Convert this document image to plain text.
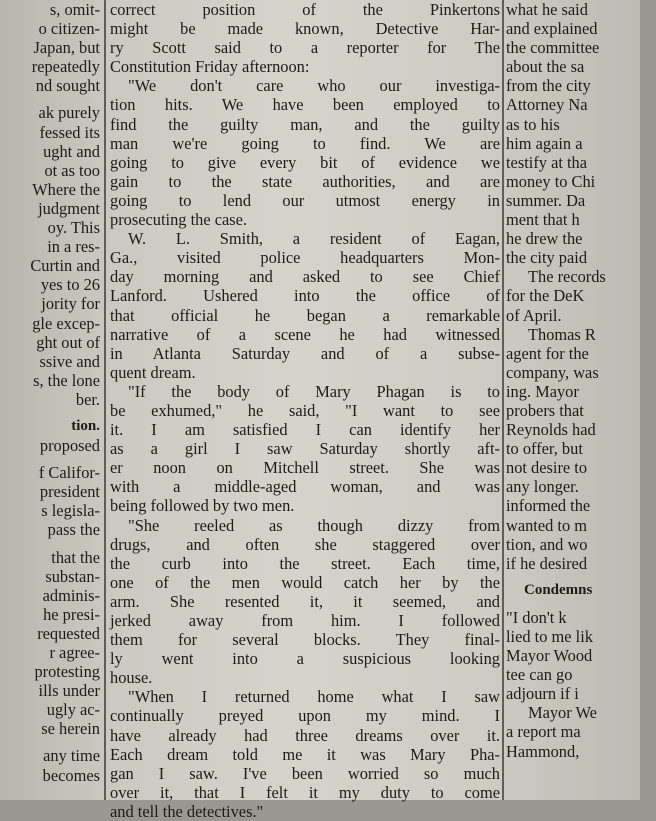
s, omit-
o citizen-
Japan, but
repeatedly
nd sought

ak purely
fessed its
ught and
ot as too
Where the
judgment
oy. This
in a res-
Curtin and
yes to 26
jority for
gle excep-
ght out of
ssive and
s, the lone
ber.

tion.
proposed

f Califor-
president
s legisla-
pass the

that the
substan-
adminis-
he presi-
requested
r agree-
protesting
ills under
ugly ac-
se herein

any time
becomes
correct position of the Pinkertons
might be made known, Detective Har-
ry Scott said to a reporter for The
Constitution Friday afternoon:
"We don't care who our investiga-
tion hits. We have been employed to
find the guilty man, and the guilty
man we're going to find. We are
going to give every bit of evidence we
gain to the state authorities, and are
going to lend our utmost energy in
prosecuting the case.
W. L. Smith, a resident of Eagan,
Ga., visited police headquarters Mon-
day morning and asked to see Chief
Lanford. Ushered into the office of
that official he began a remarkable
narrative of a scene he had witnessed
in Atlanta Saturday and of a subse-
quent dream.
"If the body of Mary Phagan is to
be exhumed," he said, "I want to see
it. I am satisfied I can identify her
as a girl I saw Saturday shortly aft-
er noon on Mitchell street. She was
with a middle-aged woman, and was
being followed by two men.
"She reeled as though dizzy from
drugs, and often she staggered over
the curb into the street. Each time,
one of the men would catch her by the
arm. She resented it, it seemed, and
jerked away from him. I followed
them for several blocks. They final-
ly went into a suspicious looking
house.
"When I returned home what I saw
continually preyed upon my mind. I
have already had three dreams over it.
Each dream told me it was Mary Pha-
gan I saw. I've been worried so much
over it, that I felt it my duty to come
and tell the detectives."
what he said
and explained
the committee
about the sa
from the city
Attorney Na
as to his
him again a
testify at tha
money to Chi
summer. Da
ment that h
he drew the
the city paid
The records
for the DeK
of April.
Thomas R
agent for the
company, was
ing. Mayor
probers that
Reynolds had
to offer, but
not desire to
any longer.
informed the
wanted to m
tion, and wo
if he desired

Condemns

"I don't k
lied to me lik
Mayor Wood
tee can go
adjourn if i
Mayor We
a report ma
Hammond,
